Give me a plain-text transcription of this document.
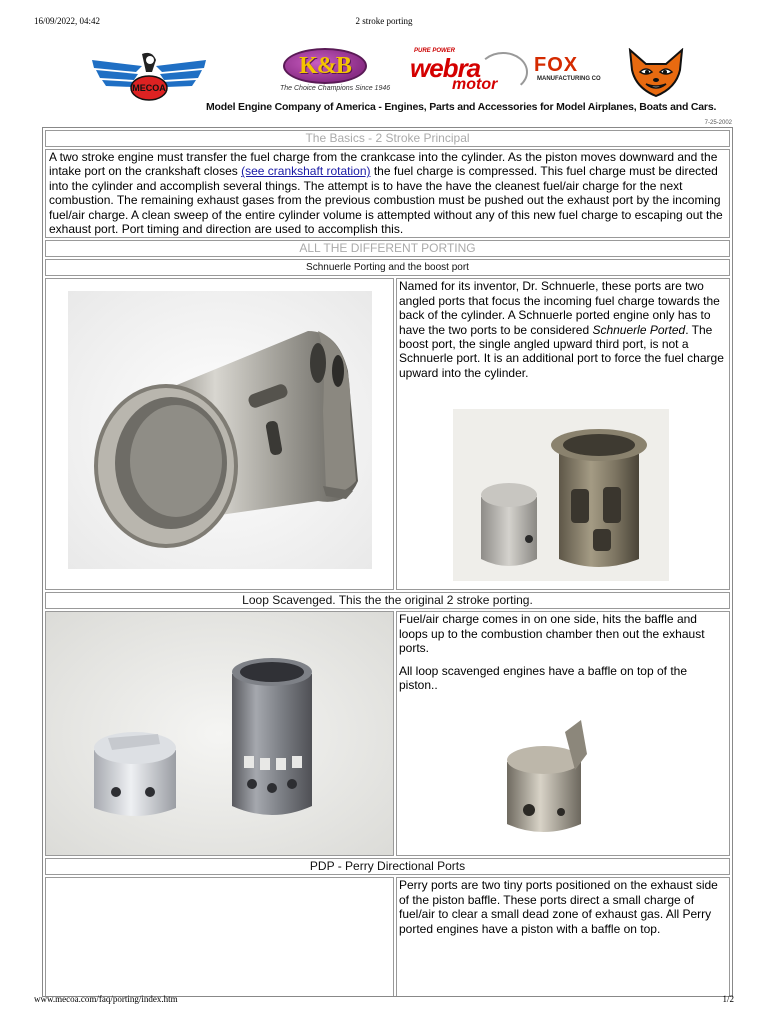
16/09/2022, 04:42	2 stroke porting
MECOA
K&B
The Choice Champions Since 1946
PURE POWER
webra
motor
FOX
MANUFACTURING CO
Model Engine Company of America - Engines, Parts and Accessories for Model Airplanes, Boats and Cars.
7-25-2002
The Basics - 2 Stroke Principal
A two stroke engine must transfer the fuel charge from the crankcase into the cylinder. As the piston moves downward and the intake port on the crankshaft closes (see crankshaft rotation) the fuel charge is compressed. This fuel charge must be directed into the cylinder and accomplish several things. The attempt is to have the have the cleanest fuel/air charge for the next combustion. The remaining exhaust gases from the previous combustion must be pushed out the exhaust port by the incoming fuel/air charge. A clean sweep of the entire cylinder volume is attempted without any of this new fuel charge to escaping out the exhaust port. Port timing and direction are used to accomplish this.
ALL THE DIFFERENT PORTING
Schnuerle Porting and the boost port
Named for its inventor, Dr. Schnuerle, these ports are two angled ports that focus the incoming fuel charge towards the back of the cylinder. A Schnuerle ported engine only has to have the two ports to be considered Schnuerle Ported. The boost port, the single angled upward third port, is not a Schnuerle port. It is an additional port to force the fuel charge upward into the cylinder.
Loop Scavenged. This the the original 2 stroke porting.

Fuel/air charge comes in on one side, hits the baffle and loops up to the combustion chamber then out the exhaust ports.

All loop scavenged engines have a baffle on top of the piston..

PDP - Perry Directional Ports
Perry ports are two tiny ports positioned on the exhaust side of the piston baffle. These ports direct a small charge of fuel/air to clear a small dead zone of exhaust gas. All Perry ported engines have a piston with a baffle on top.
www.mecoa.com/faq/porting/index.htm	1/2
